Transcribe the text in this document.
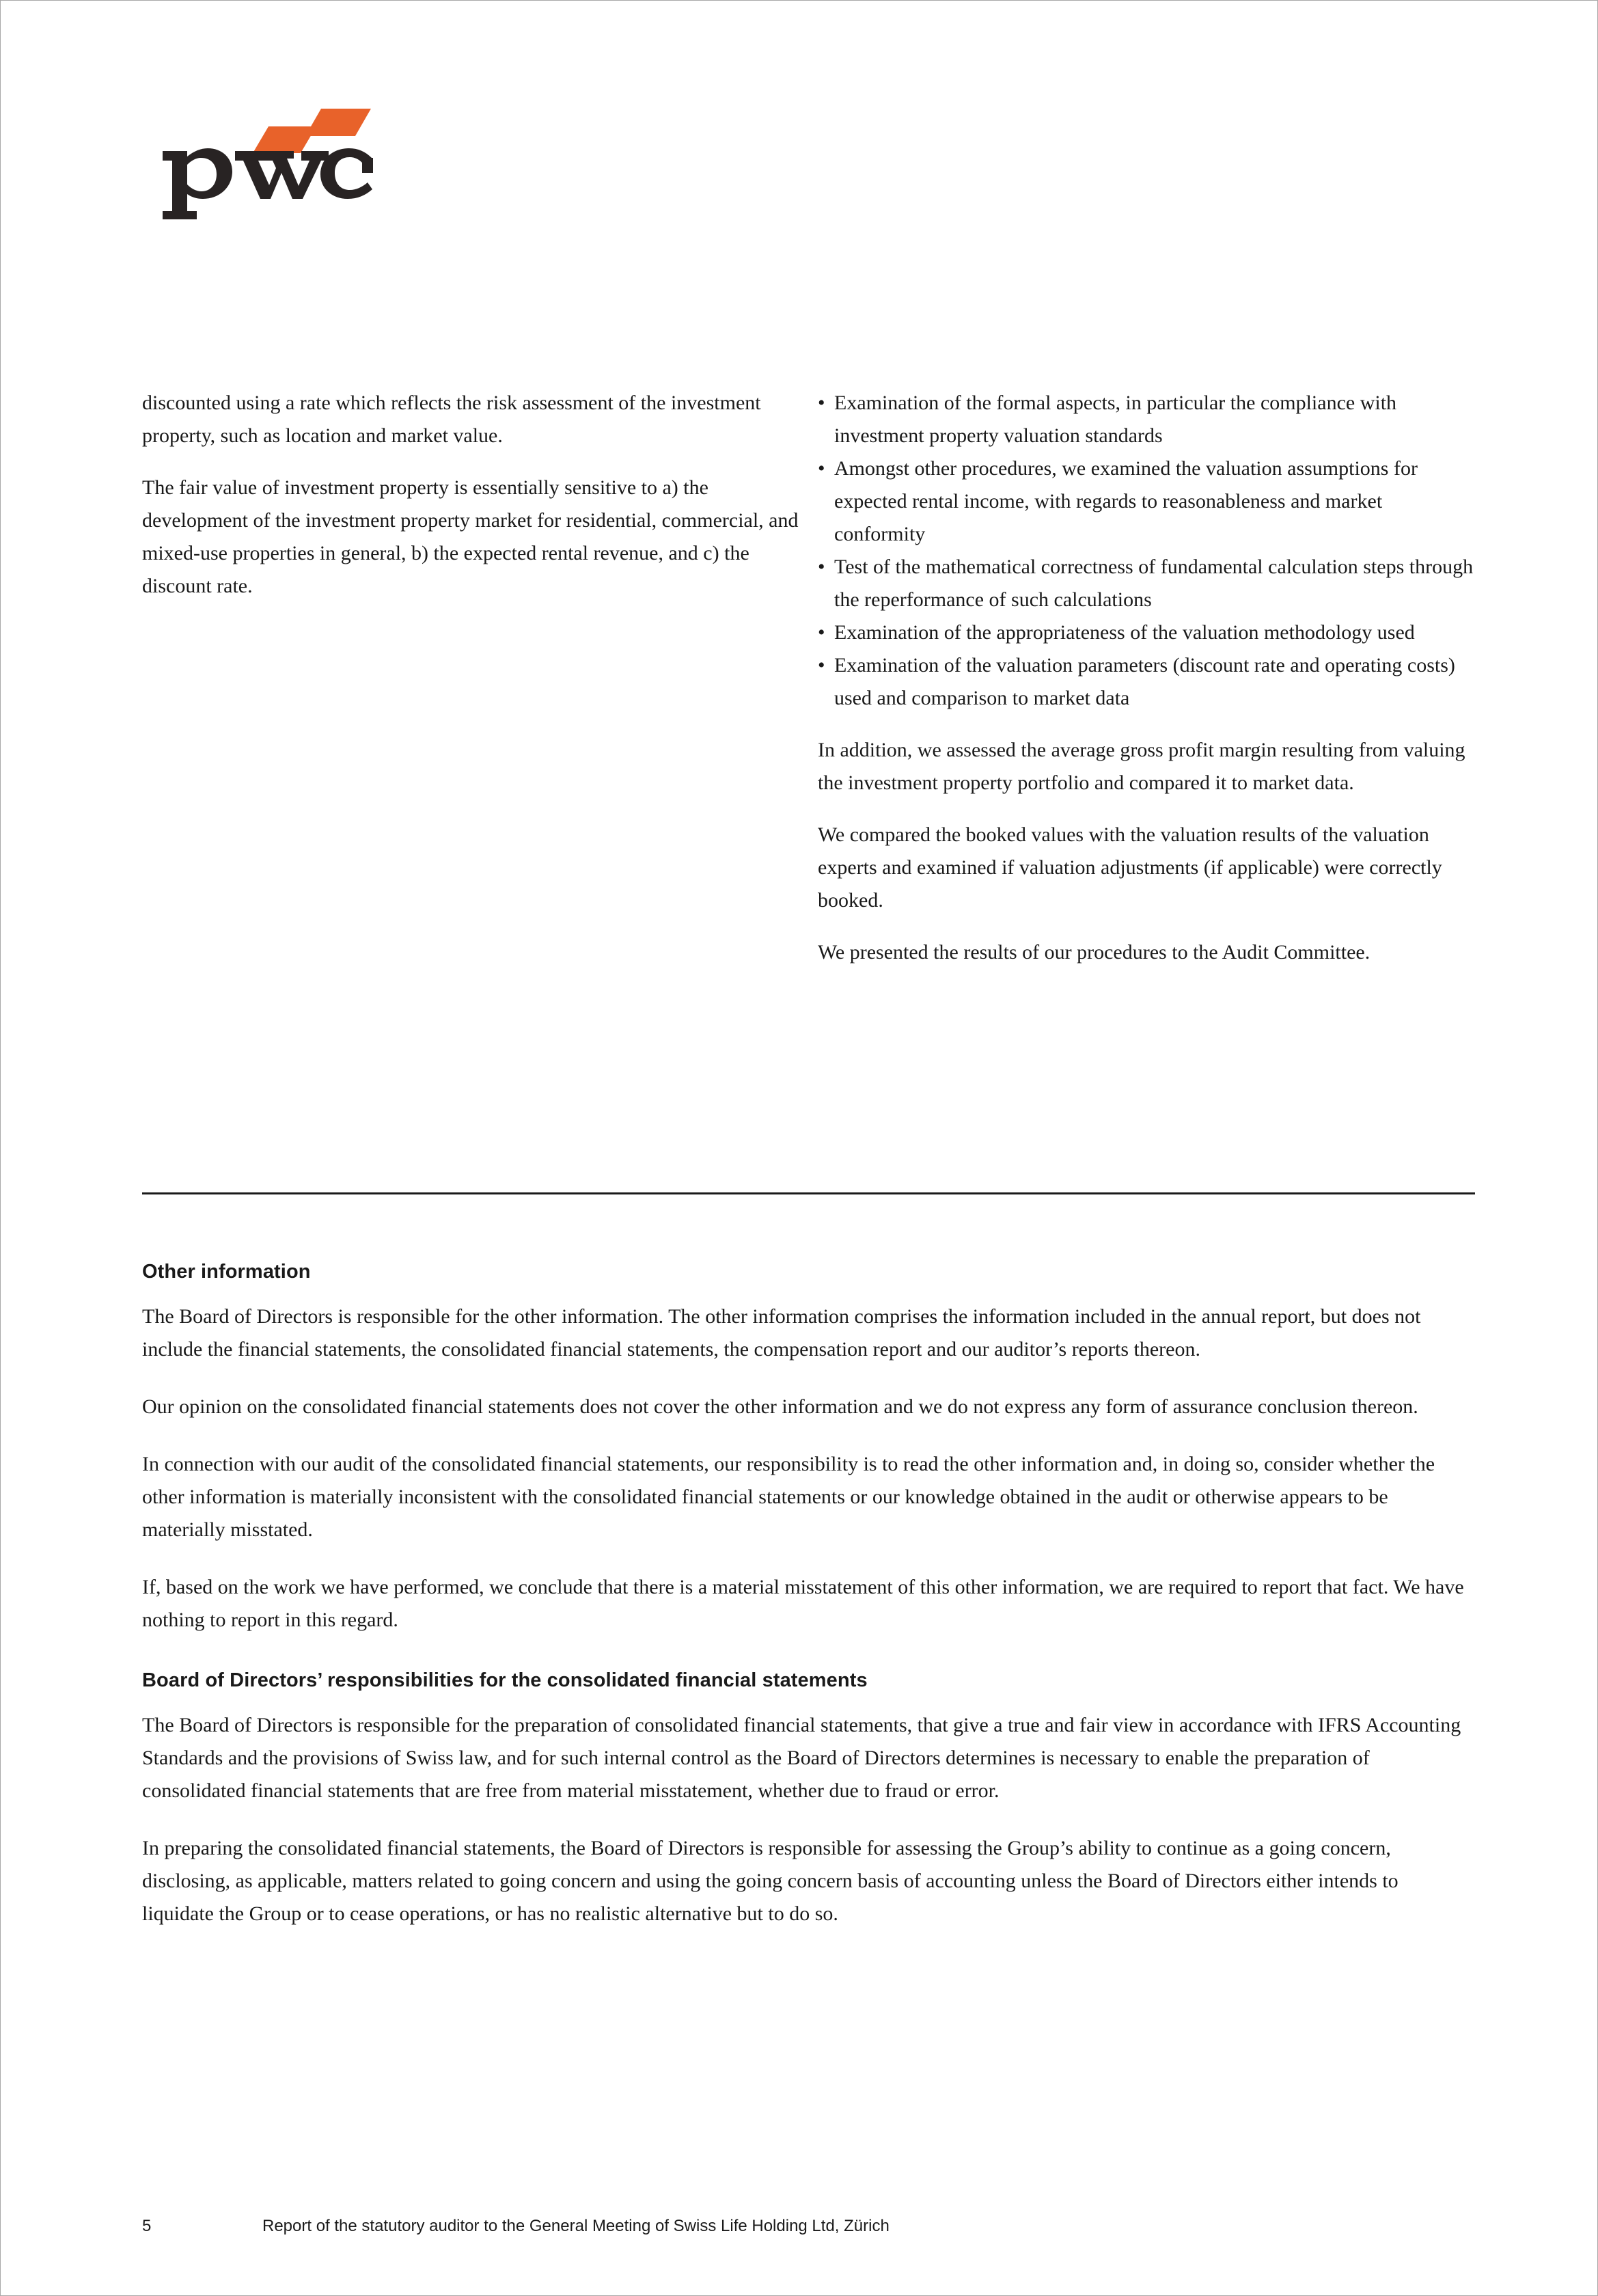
discounted using a rate which reflects the risk assessment of the investment property, such as location and market value.

The fair value of investment property is essentially sensitive to a) the development of the investment property market for residential, commercial, and mixed-use properties in general, b) the expected rental revenue, and c) the discount rate.

• Examination of the formal aspects, in particular the compliance with investment property valuation standards
• Amongst other procedures, we examined the valuation assumptions for expected rental income, with regards to reasonableness and market conformity
• Test of the mathematical correctness of fundamental calculation steps through the reperformance of such calculations
• Examination of the appropriateness of the valuation methodology used
• Examination of the valuation parameters (discount rate and operating costs) used and comparison to market data

In addition, we assessed the average gross profit margin resulting from valuing the investment property portfolio and compared it to market data.

We compared the booked values with the valuation results of the valuation experts and examined if valuation adjustments (if applicable) were correctly booked.

We presented the results of our procedures to the Audit Committee.

Other information

The Board of Directors is responsible for the other information. The other information comprises the information included in the annual report, but does not include the financial statements, the consolidated financial statements, the compensation report and our auditor’s reports thereon.

Our opinion on the consolidated financial statements does not cover the other information and we do not express any form of assurance conclusion thereon.

In connection with our audit of the consolidated financial statements, our responsibility is to read the other information and, in doing so, consider whether the other information is materially inconsistent with the consolidated financial statements or our knowledge obtained in the audit or otherwise appears to be materially misstated.

If, based on the work we have performed, we conclude that there is a material misstatement of this other information, we are required to report that fact. We have nothing to report in this regard.

Board of Directors’ responsibilities for the consolidated financial statements

The Board of Directors is responsible for the preparation of consolidated financial statements, that give a true and fair view in accordance with IFRS Accounting Standards and the provisions of Swiss law, and for such internal control as the Board of Directors determines is necessary to enable the preparation of consolidated financial statements that are free from material misstatement, whether due to fraud or error.

In preparing the consolidated financial statements, the Board of Directors is responsible for assessing the Group’s ability to continue as a going concern, disclosing, as applicable, matters related to going concern and using the going concern basis of accounting unless the Board of Directors either intends to liquidate the Group or to cease operations, or has no realistic alternative but to do so.

5	Report of the statutory auditor to the General Meeting of Swiss Life Holding Ltd, Zürich
